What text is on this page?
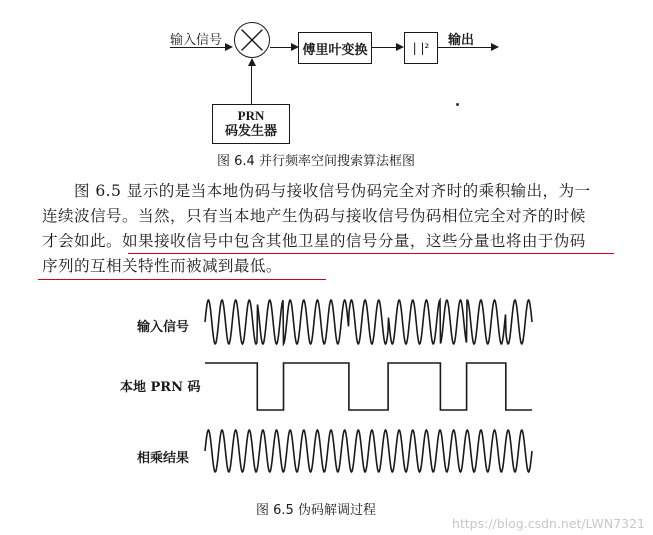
输入信号
傅里叶变换	| |²	输出
PRN
码发生器
图 6.4 并行频率空间搜索算法框图
图 6.5 显示的是当本地伪码与接收信号伪码完全对齐时的乘积输出，为一
连续波信号。当然，只有当本地产生伪码与接收信号伪码相位完全对齐的时候
才会如此。如果接收信号中包含其他卫星的信号分量，这些分量也将由于伪码
序列的互相关特性而被减到最低。
输入信号
本地 PRN 码
相乘结果
图 6.5 伪码解调过程
https://blog.csdn.net/LWN7321
